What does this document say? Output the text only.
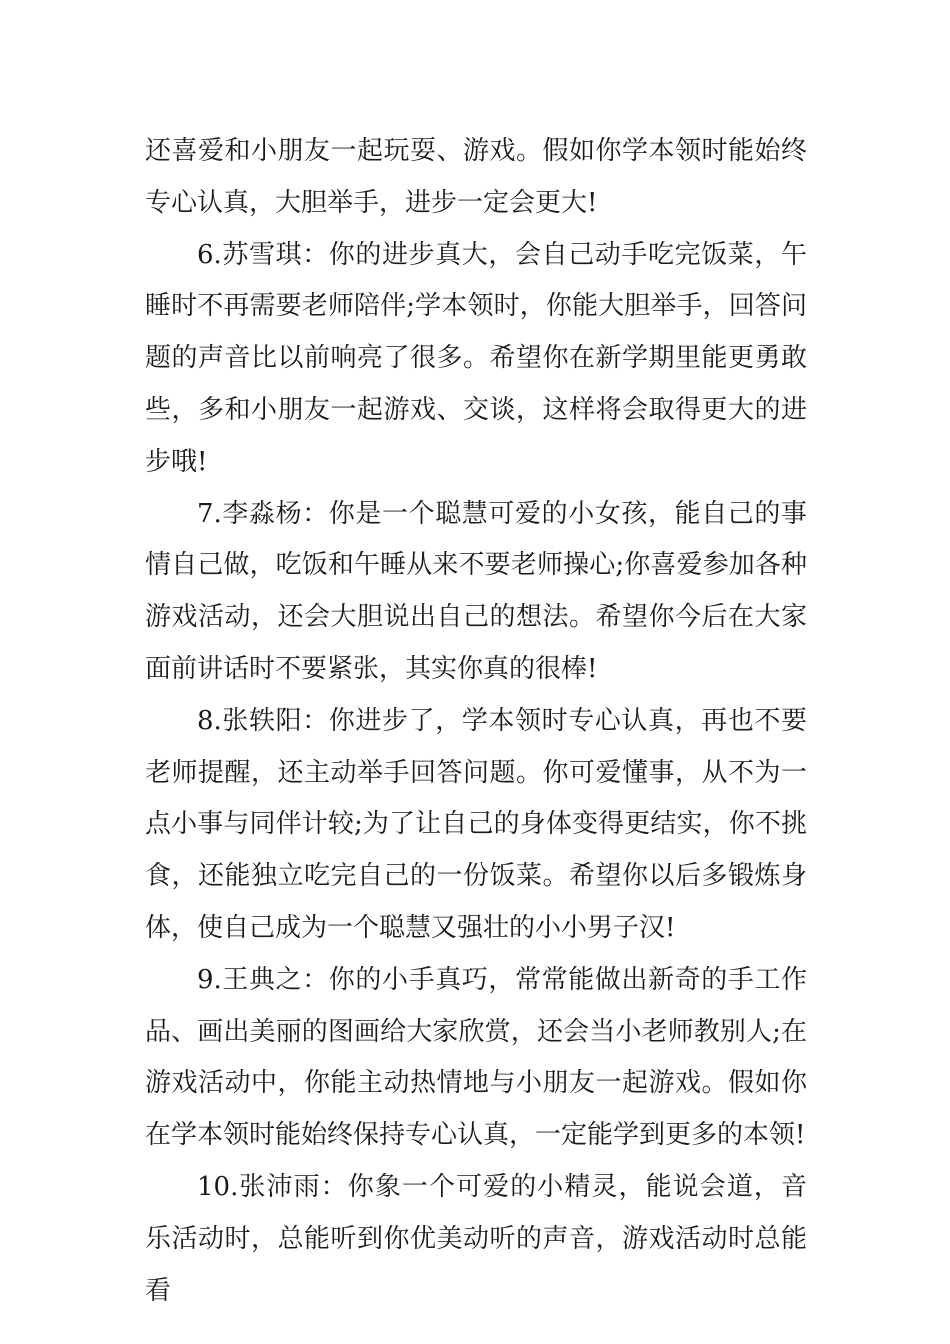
还喜爱和小朋友一起玩耍、游戏。假如你学本领时能始终专心认真，大胆举手，进步一定会更大!

6.苏雪琪：你的进步真大，会自己动手吃完饭菜，午睡时不再需要老师陪伴;学本领时，你能大胆举手，回答问题的声音比以前响亮了很多。希望你在新学期里能更勇敢些，多和小朋友一起游戏、交谈，这样将会取得更大的进步哦!

7.李淼杨：你是一个聪慧可爱的小女孩，能自己的事情自己做，吃饭和午睡从来不要老师操心;你喜爱参加各种游戏活动，还会大胆说出自己的想法。希望你今后在大家面前讲话时不要紧张，其实你真的很棒!

8.张轶阳：你进步了，学本领时专心认真，再也不要老师提醒，还主动举手回答问题。你可爱懂事，从不为一点小事与同伴计较;为了让自己的身体变得更结实，你不挑食，还能独立吃完自己的一份饭菜。希望你以后多锻炼身体，使自己成为一个聪慧又强壮的小小男子汉!

9.王典之：你的小手真巧，常常能做出新奇的手工作品、画出美丽的图画给大家欣赏，还会当小老师教别人;在游戏活动中，你能主动热情地与小朋友一起游戏。假如你在学本领时能始终保持专心认真，一定能学到更多的本领!

10.张沛雨：你象一个可爱的小精灵，能说会道，音乐活动时，总能听到你优美动听的声音，游戏活动时总能看
